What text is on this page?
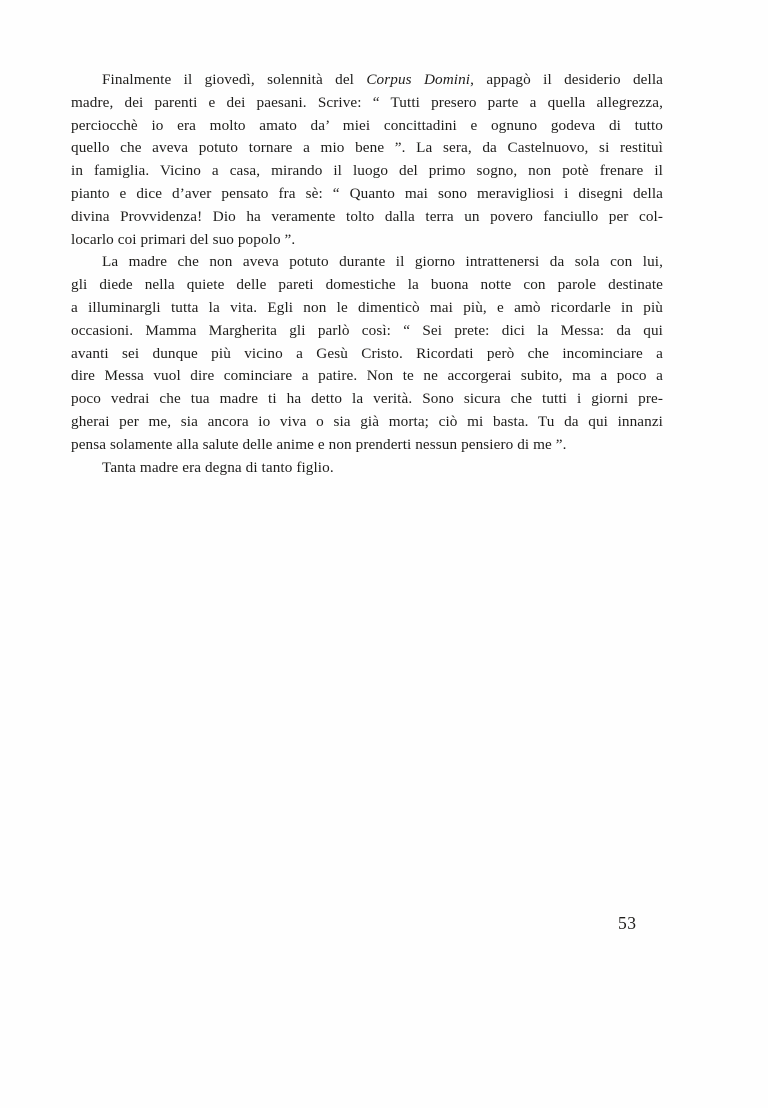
Finalmente il giovedì, solennità del Corpus Domini, appagò il desiderio della
madre, dei parenti e dei paesani. Scrive: “ Tutti presero parte a quella allegrezza,
perciocchè io era molto amato da’ miei concittadini e ognuno godeva di tutto
quello che aveva potuto tornare a mio bene ”. La sera, da Castelnuovo, si restituì
in famiglia. Vicino a casa, mirando il luogo del primo sogno, non potè frenare il
pianto e dice d’aver pensato fra sè: “ Quanto mai sono meravigliosi i disegni della
divina Provvidenza! Dio ha veramente tolto dalla terra un povero fanciullo per col-
locarlo coi primari del suo popolo ”.
La madre che non aveva potuto durante il giorno intrattenersi da sola con lui,
gli diede nella quiete delle pareti domestiche la buona notte con parole destinate
a illuminargli tutta la vita. Egli non le dimenticò mai più, e amò ricordarle in più
occasioni. Mamma Margherita gli parlò così: “ Sei prete: dici la Messa: da qui
avanti sei dunque più vicino a Gesù Cristo. Ricordati però che incominciare a
dire Messa vuol dire cominciare a patire. Non te ne accorgerai subito, ma a poco a
poco vedrai che tua madre ti ha detto la verità. Sono sicura che tutti i giorni pre-
gherai per me, sia ancora io viva o sia già morta; ciò mi basta. Tu da qui innanzi
pensa solamente alla salute delle anime e non prenderti nessun pensiero di me ”.
Tanta madre era degna di tanto figlio.
53
